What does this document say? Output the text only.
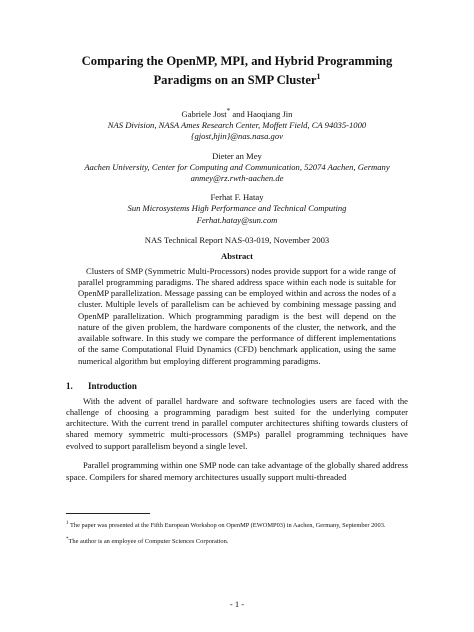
Comparing the OpenMP, MPI, and Hybrid Programming
Paradigms on an SMP Cluster$^1$
Gabriele Jost* and Haoqiang Jin
NAS Division, NASA Ames Research Center, Moffett Field, CA 94035-1000
{gjost,hjin}@nas.nasa.gov
Dieter an Mey
Aachen University, Center for Computing and Communication, 52074 Aachen, Germany
anmey@rz.rwth-aachen.de
Ferhat F. Hatay
Sun Microsystems High Performance and Technical Computing
Ferhat.hatay@sun.com
NAS Technical Report NAS-03-019, November 2003
Abstract

Clusters of SMP (Symmetric Multi-Processors) nodes provide support for a wide range of parallel programming paradigms. The shared address space within each node is suitable for OpenMP parallelization. Message passing can be employed within and across the nodes of a cluster. Multiple levels of parallelism can be achieved by combining message passing and OpenMP parallelization. Which programming paradigm is the best will depend on the nature of the given problem, the hardware components of the cluster, the network, and the available software. In this study we compare the performance of different implementations of the same Computational Fluid Dynamics (CFD) benchmark application, using the same numerical algorithm but employing different programming paradigms.

1. Introduction

With the advent of parallel hardware and software technologies users are faced with the challenge of choosing a programming paradigm best suited for the underlying computer architecture. With the current trend in parallel computer architectures shifting towards clusters of shared memory symmetric multi-processors (SMPs) parallel programming techniques have evolved to support parallelism beyond a single level.

Parallel programming within one SMP node can take advantage of the globally shared address space. Compilers for shared memory architectures usually support multi-threaded

$^1$ The paper was presented at the Fifth European Workshop on OpenMP (EWOMP03) in Aachen, Germany, September 2003.
*The author is an employee of Computer Sciences Corporation.
- 1 -
